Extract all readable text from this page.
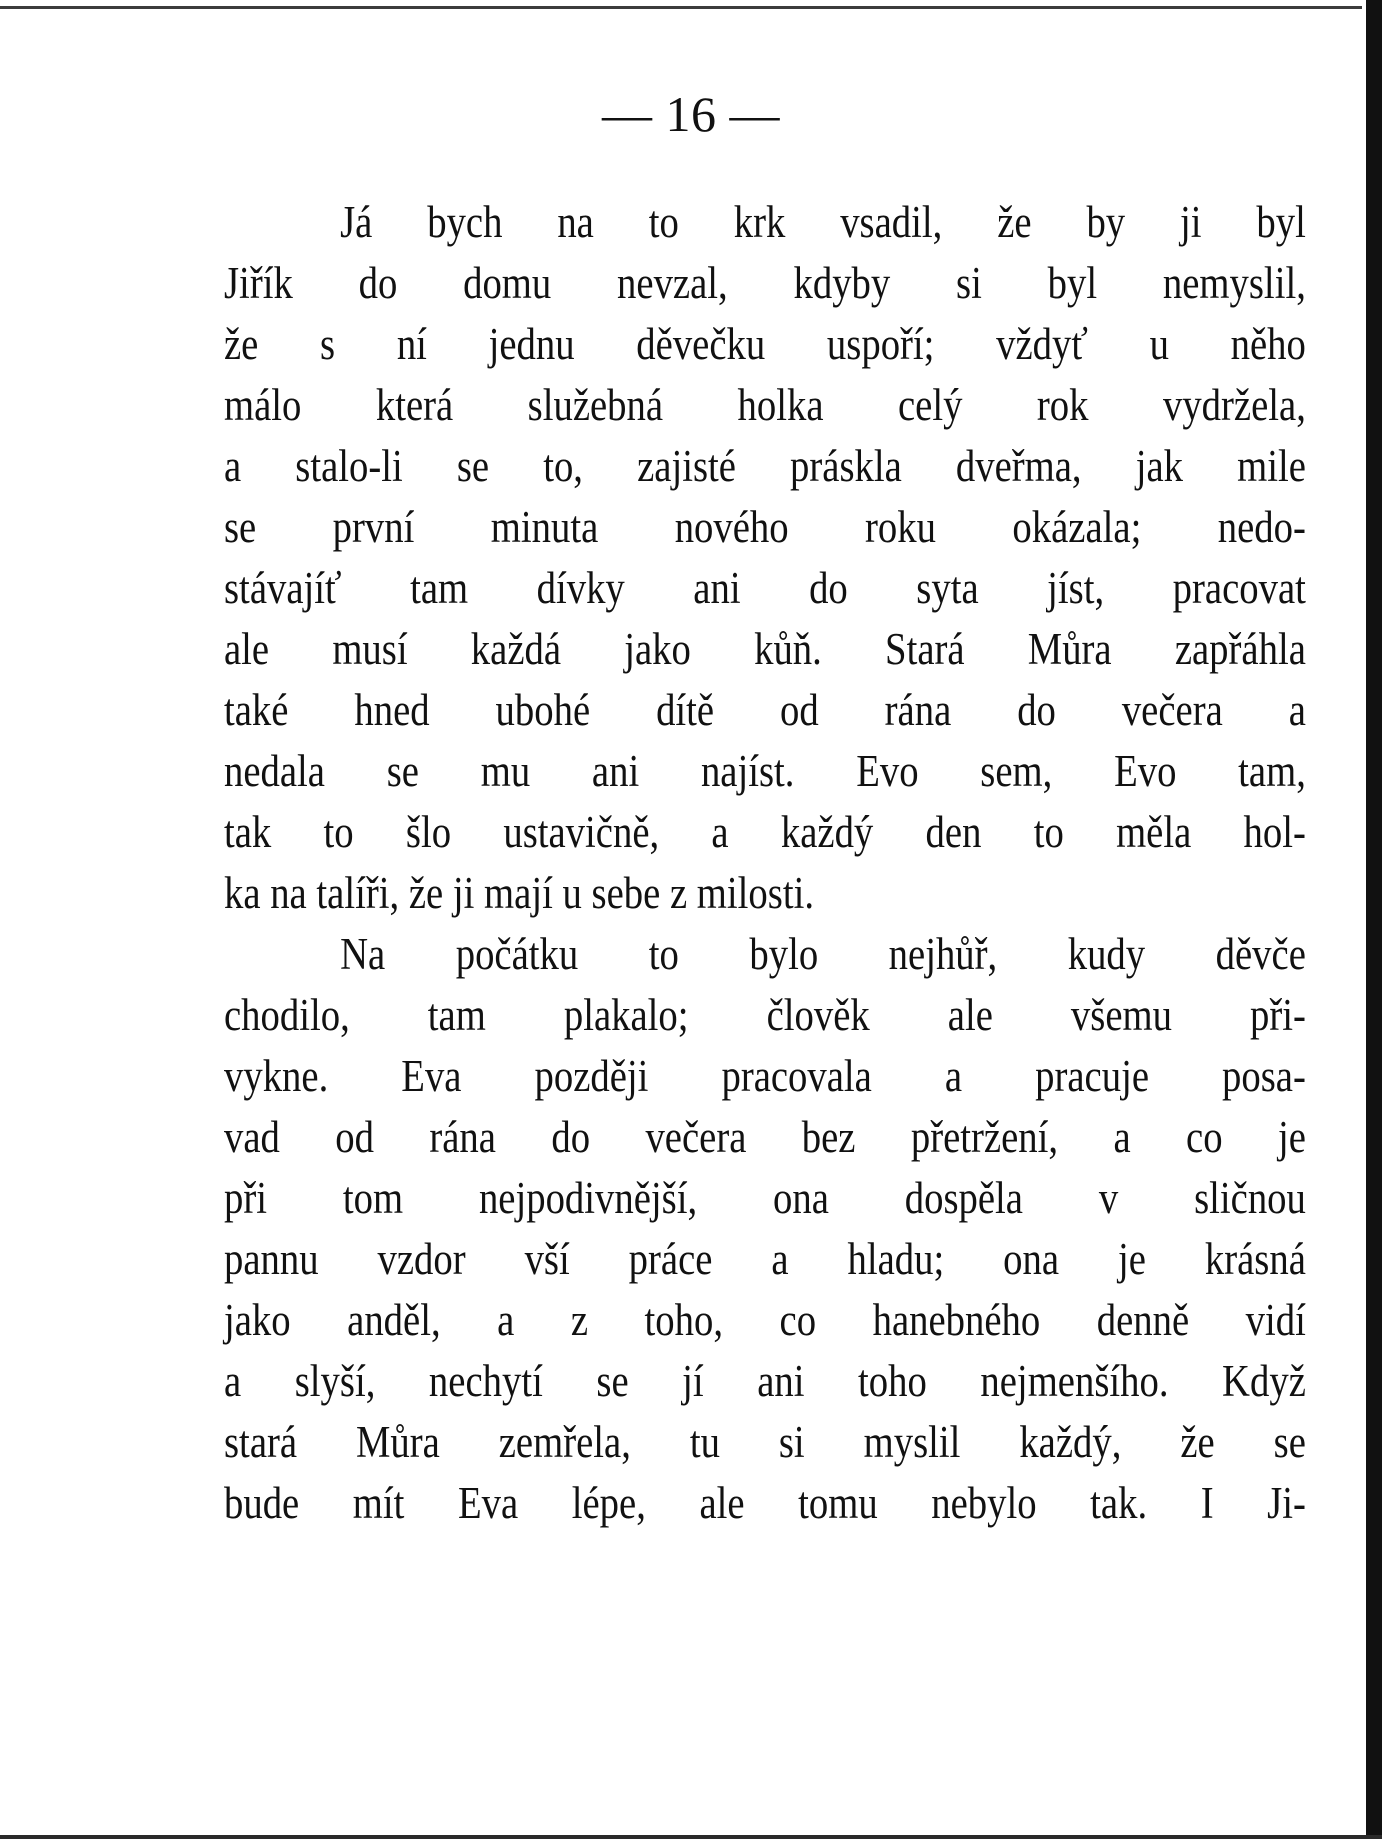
— 16 —
Já bych na to krk vsadil, že by ji byl
Jiřík do domu nevzal, kdyby si byl nemyslil,
že s ní jednu děvečku uspoří; vždyť u něho
málo která služebná holka celý rok vydržela,
a stalo-li se to, zajisté práskla dveřma, jak mile
se první minuta nového roku okázala; nedo-
stávajíť tam dívky ani do syta jíst, pracovat
ale musí každá jako kůň. Stará Můra zapřáhla
také hned ubohé dítě od rána do večera a
nedala se mu ani najíst. Evo sem, Evo tam,
tak to šlo ustavičně, a každý den to měla hol-
ka na talíři, že ji mají u sebe z milosti.
Na počátku to bylo nejhůř, kudy děvče
chodilo, tam plakalo; člověk ale všemu při-
vykne. Eva později pracovala a pracuje posa-
vad od rána do večera bez přetržení, a co je
při tom nejpodivnější, ona dospěla v sličnou
pannu vzdor vší práce a hladu; ona je krásná
jako anděl, a z toho, co hanebného denně vidí
a slyší, nechytí se jí ani toho nejmenšího. Když
stará Můra zemřela, tu si myslil každý, že se
bude mít Eva lépe, ale tomu nebylo tak. I Ji-
